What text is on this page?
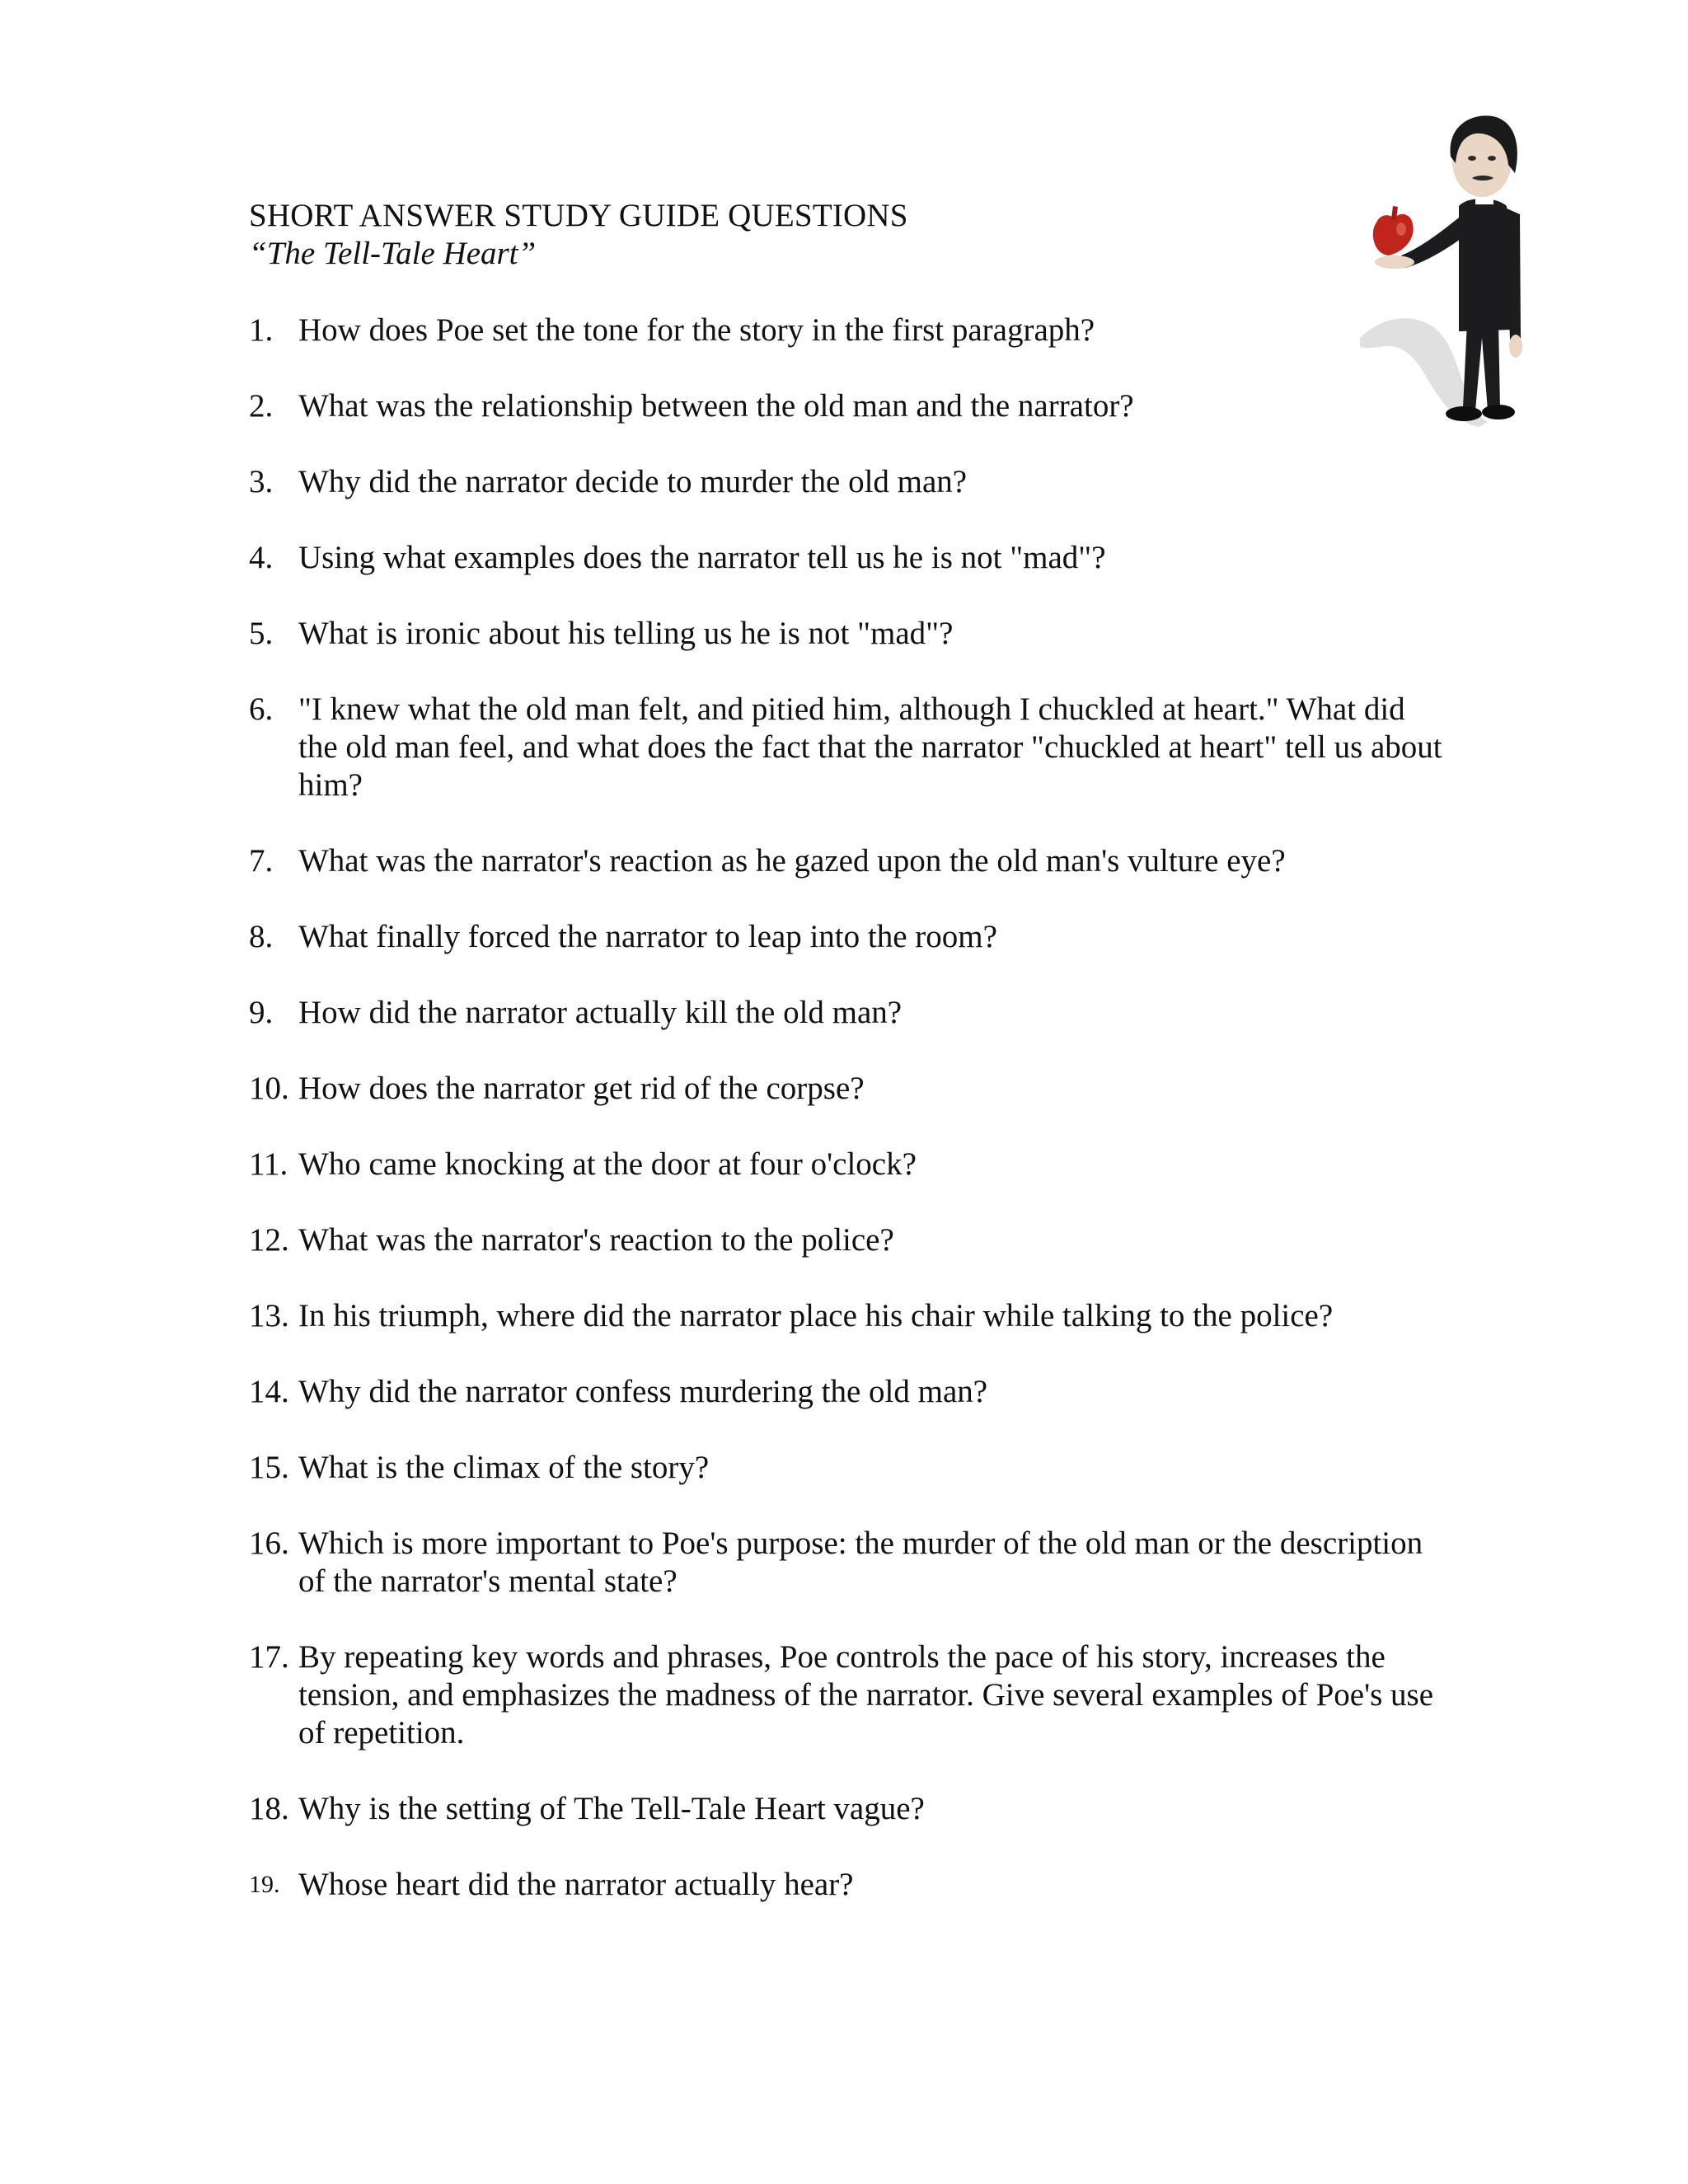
SHORT ANSWER STUDY GUIDE QUESTIONS
“The Tell-Tale Heart”
1. How does Poe set the tone for the story in the first paragraph?
2. What was the relationship between the old man and the narrator?
3. Why did the narrator decide to murder the old man?
4. Using what examples does the narrator tell us he is not "mad"?
5. What is ironic about his telling us he is not "mad"?
6. "I knew what the old man felt, and pitied him, although I chuckled at heart." What did the old man feel, and what does the fact that the narrator "chuckled at heart" tell us about him?
7. What was the narrator's reaction as he gazed upon the old man's vulture eye?
8. What finally forced the narrator to leap into the room?
9. How did the narrator actually kill the old man?
10. How does the narrator get rid of the corpse?
11. Who came knocking at the door at four o'clock?
12. What was the narrator's reaction to the police?
13. In his triumph, where did the narrator place his chair while talking to the police?
14. Why did the narrator confess murdering the old man?
15. What is the climax of the story?
16. Which is more important to Poe's purpose: the murder of the old man or the description of the narrator's mental state?
17. By repeating key words and phrases, Poe controls the pace of his story, increases the tension, and emphasizes the madness of the narrator. Give several examples of Poe's use of repetition.
18. Why is the setting of The Tell-Tale Heart vague?
19. Whose heart did the narrator actually hear?
